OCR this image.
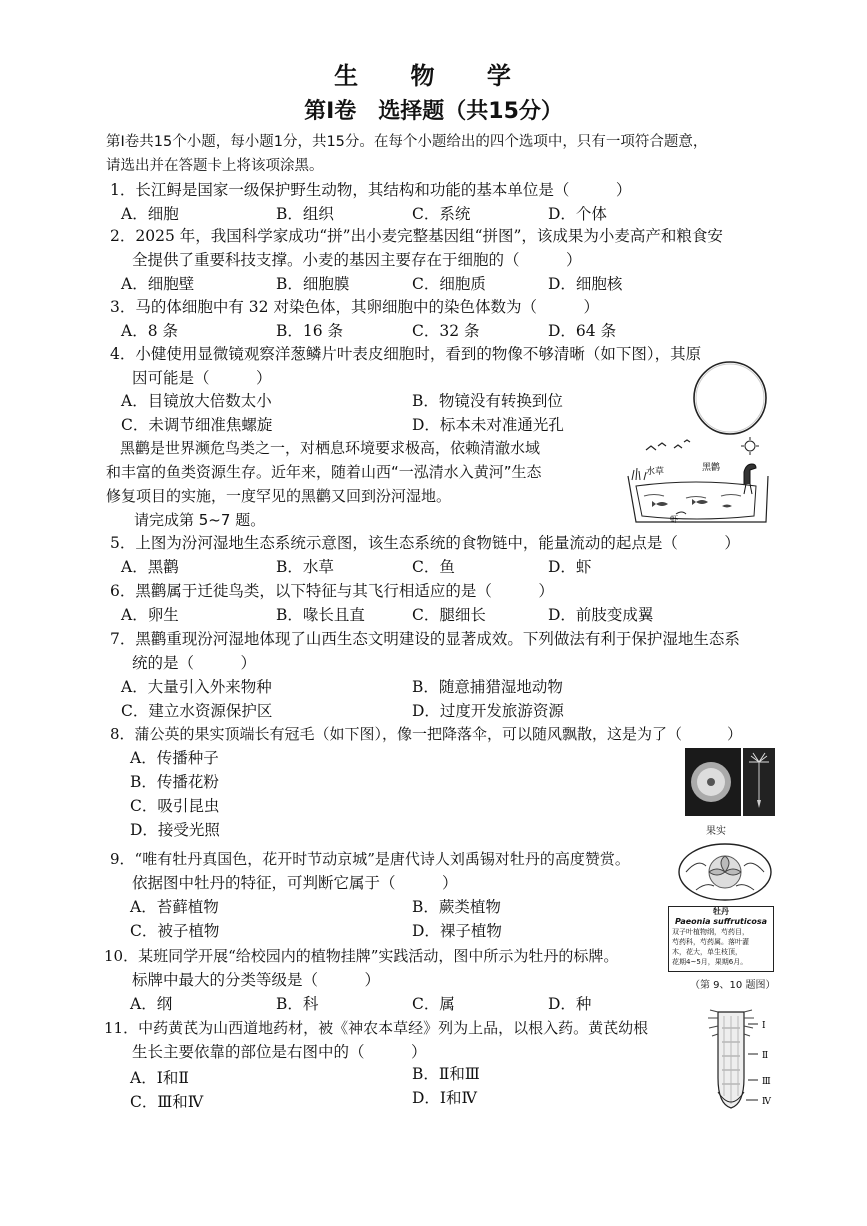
生 物 学
第Ⅰ卷　选择题（共15分）
第Ⅰ卷共15个小题，每小题1分，共15分。在每个小题给出的四个选项中，只有一项符合题意，
请选出并在答题卡上将该项涂黑。
1．长江鲟是国家一级保护野生动物，其结构和功能的基本单位是（　　　）
A．细胞	B．组织	C．系统	D．个体
2．2025 年，我国科学家成功“拼”出小麦完整基因组“拼图”，该成果为小麦高产和粮食安
全提供了重要科技支撑。小麦的基因主要存在于细胞的（　　　）
A．细胞壁	B．细胞膜	C．细胞质	D．细胞核
3．马的体细胞中有 32 对染色体，其卵细胞中的染色体数为（　　　）
A．8 条	B．16 条	C．32 条	D．64 条
4．小健使用显微镜观察洋葱鳞片叶表皮细胞时，看到的物像不够清晰（如下图），其原
因可能是（　　　）
A．目镜放大倍数太小	B．物镜没有转换到位
C．未调节细准焦螺旋	D．标本未对准通光孔
黑鹳是世界濒危鸟类之一，对栖息环境要求极高，依赖清澈水域
和丰富的鱼类资源生存。近年来，随着山西“一泓清水入黄河”生态
修复项目的实施，一度罕见的黑鹳又回到汾河湿地。
请完成第 5~7 题。
黑鹳
水草
虾
5．上图为汾河湿地生态系统示意图，该生态系统的食物链中，能量流动的起点是（　　　）
A．黑鹳	B．水草	C．鱼	D．虾
6．黑鹳属于迁徙鸟类，以下特征与其飞行相适应的是（　　　）
A．卵生	B．喙长且直	C．腿细长	D．前肢变成翼
7．黑鹳重现汾河湿地体现了山西生态文明建设的显著成效。下列做法有利于保护湿地生态系
统的是（　　　）
A．大量引入外来物种	B．随意捕猎湿地动物
C．建立水资源保护区	D．过度开发旅游资源
8．蒲公英的果实顶端长有冠毛（如下图），像一把降落伞，可以随风飘散，这是为了（　　　）
A．传播种子
B．传播花粉
C．吸引昆虫
D．接受光照	果实
9．“唯有牡丹真国色，花开时节动京城”是唐代诗人刘禹锡对牡丹的高度赞赏。
依据图中牡丹的特征，可判断它属于（　　　）
A．苔藓植物	B．蕨类植物
C．被子植物	D．裸子植物
牡丹
Paeonia suffruticosa
双子叶植物纲，芍药目，
芍药科，芍药属。落叶灌
木，花大，单生枝顶，
花期4~5月，果期6月。
（第 9、10 题图）
10．某班同学开展“给校园内的植物挂牌”实践活动，图中所示为牡丹的标牌。
标牌中最大的分类等级是（　　　）
A．纲	B．科	C．属	D．种
11．中药黄芪为山西道地药材，被《神农本草经》列为上品，以根入药。黄芪幼根
生长主要依靠的部位是右图中的（　　　）
A．Ⅰ和Ⅱ	B．Ⅱ和Ⅲ
C．Ⅲ和Ⅳ	D．Ⅰ和Ⅳ
Ⅰ
Ⅱ
Ⅲ
Ⅳ
